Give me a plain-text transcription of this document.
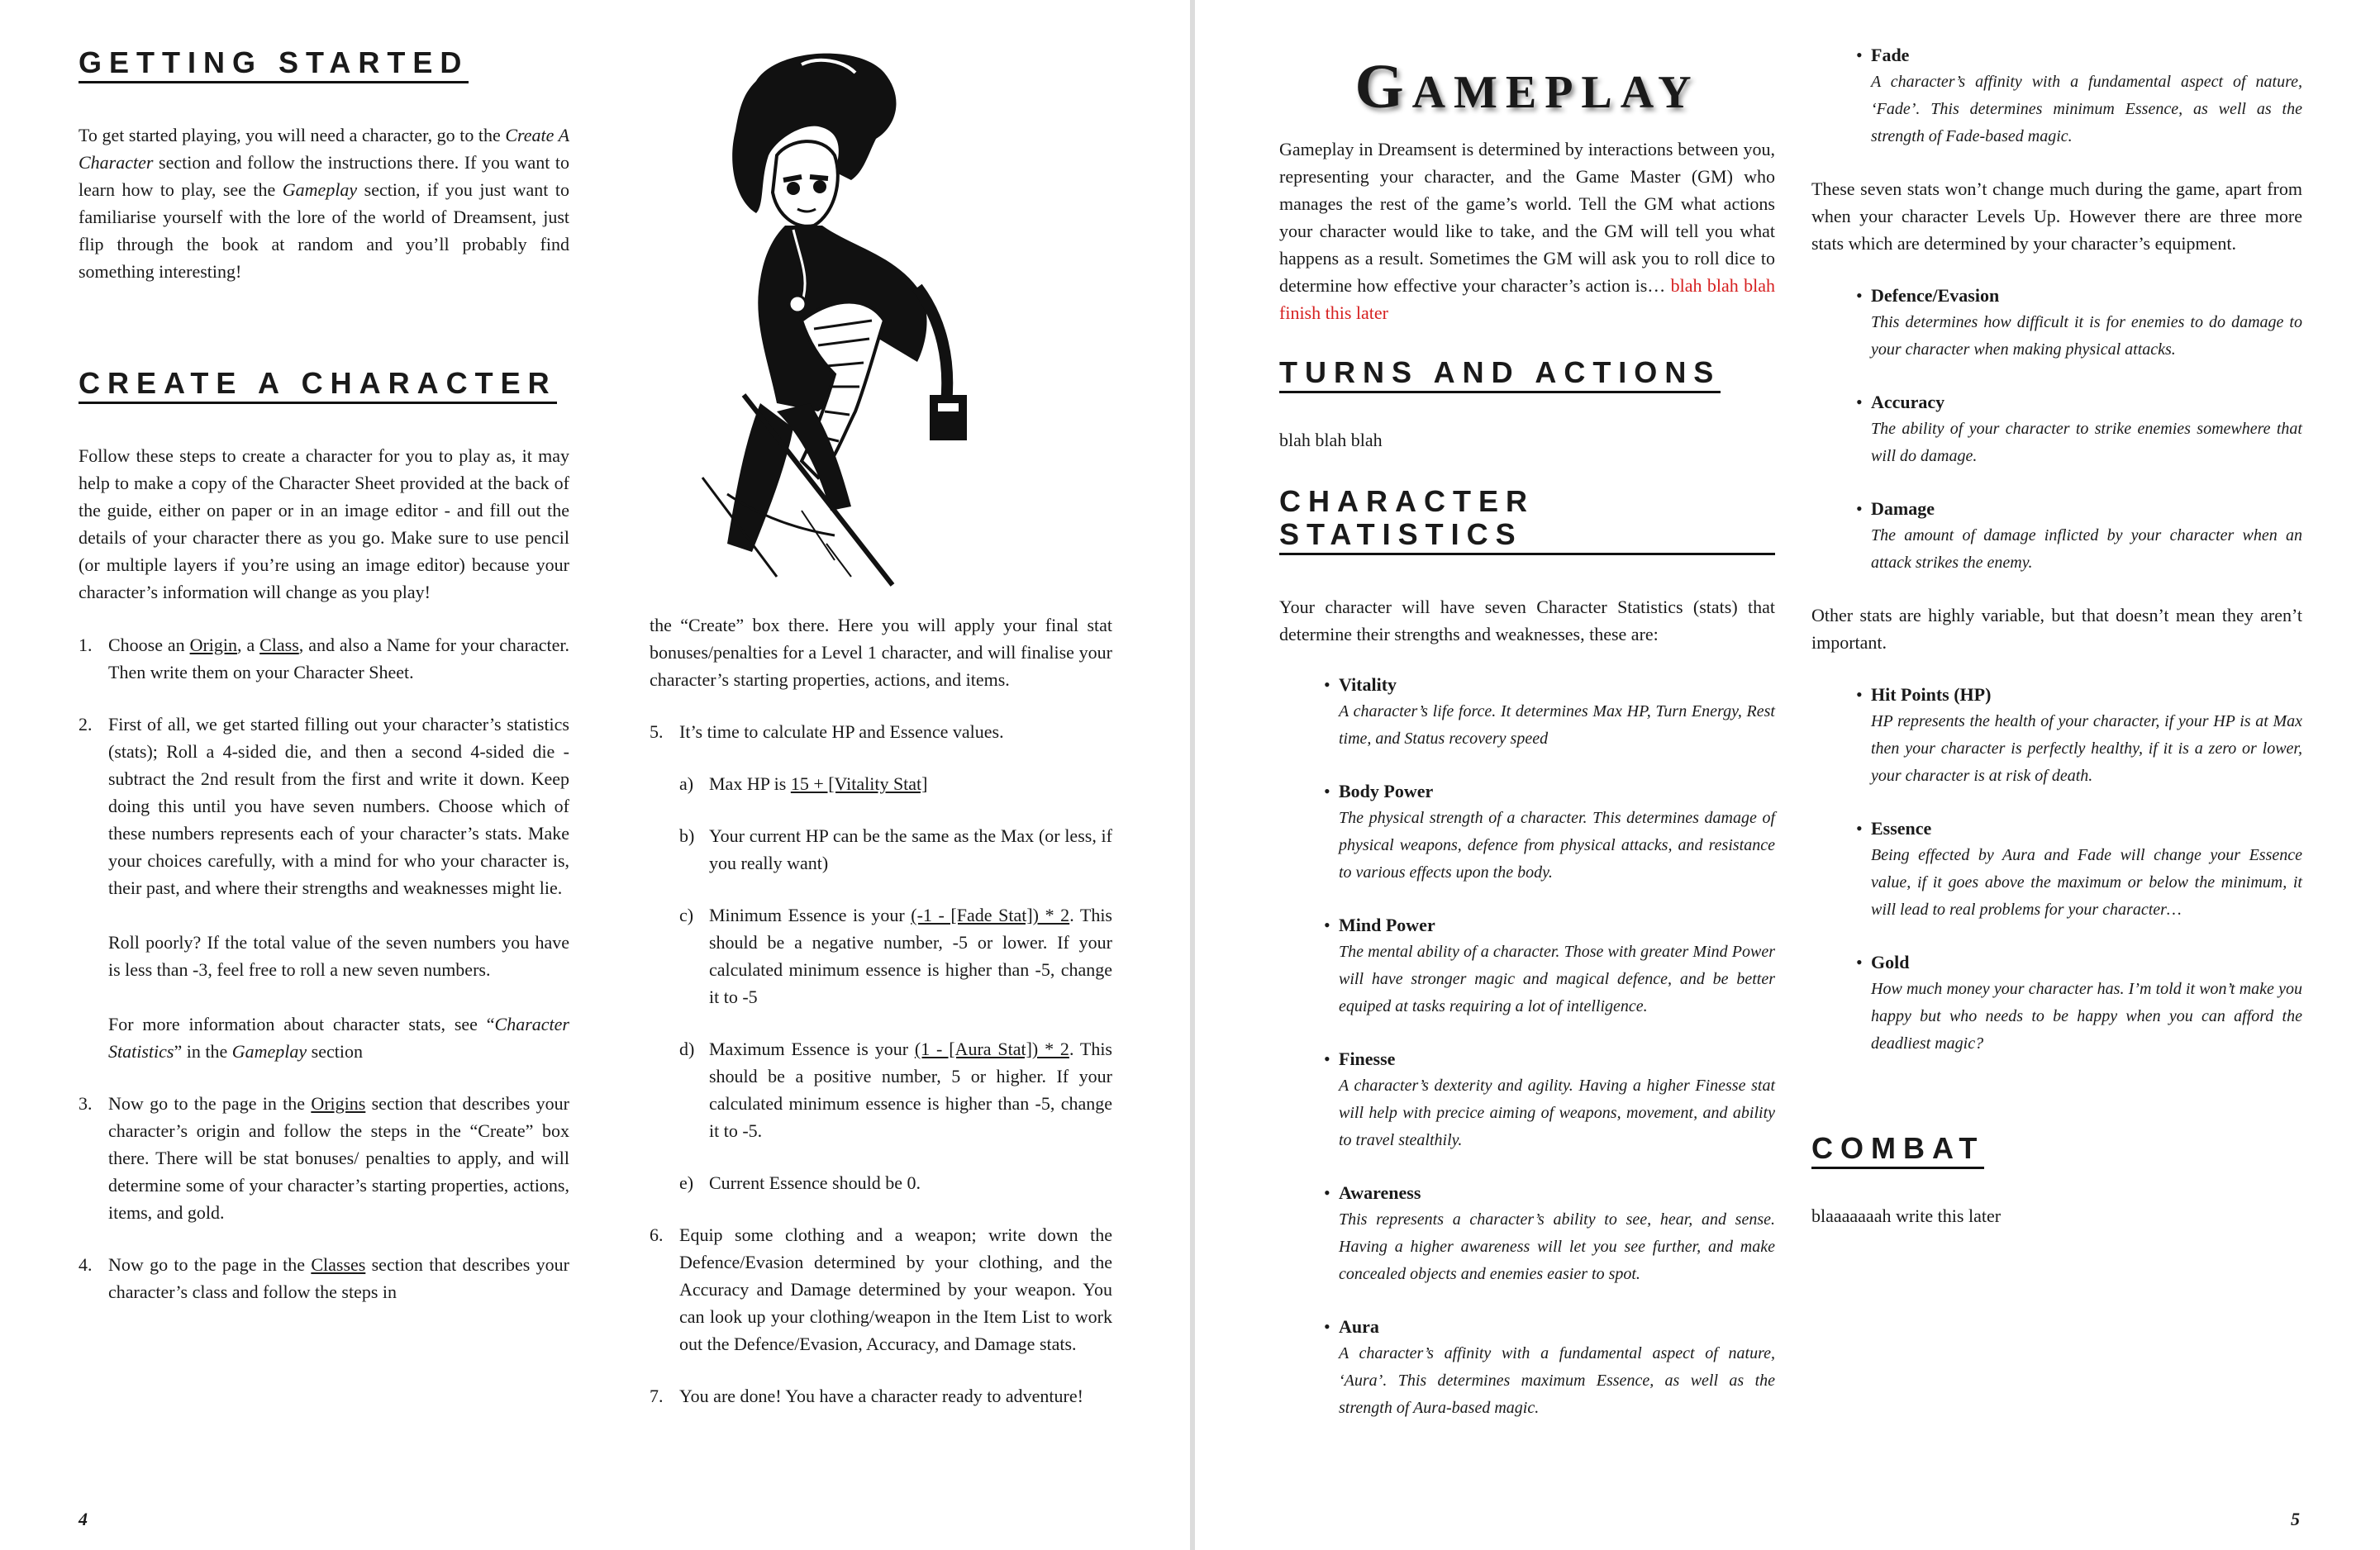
GETTING STARTED

To get started playing, you will need a character, go to the Create A Character section and follow the instructions there. If you want to learn how to play, see the Gameplay section, if you just want to familiarise yourself with the lore of the world of Dreamsent, just flip through the book at random and you’ll probably find something interesting!

CREATE A CHARACTER

Follow these steps to create a character for you to play as, it may help to make a copy of the Character Sheet provided at the back of the guide, either on paper or in an image editor - and fill out the details of your character there as you go. Make sure to use pencil (or multiple layers if you’re using an image editor) because your character’s information will change as you play!

1. Choose an Origin, a Class, and also a Name for your character. Then write them on your Character Sheet.

2. First of all, we get started filling out your character’s statistics (stats); Roll a 4-sided die, and then a second 4-sided die - subtract the 2nd result from the first and write it down. Keep doing this until you have seven numbers. Choose which of these numbers represents each of your character’s stats. Make your choices carefully, with a mind for who your character is, their past, and where their strengths and weaknesses might lie.

Roll poorly? If the total value of the seven numbers you have is less than -3, feel free to roll a new seven numbers.

For more information about character stats, see “Character Statistics” in the Gameplay section

3. Now go to the page in the Origins section that describes your character’s origin and follow the steps in the “Create” box there. There will be stat bonuses/ penalties to apply, and will determine some of your character’s starting properties, actions, items, and gold.

4. Now go to the page in the Classes section that describes your character’s class and follow the steps in

the “Create” box there. Here you will apply your final stat bonuses/penalties for a Level 1 character, and will finalise your character’s starting properties, actions, and items.

5. It’s time to calculate HP and Essence values.
a) Max HP is 15 + [Vitality Stat]

b) Your current HP can be the same as the Max (or less, if you really want)

c) Minimum Essence is your (-1 - [Fade Stat]) * 2. This should be a negative number, -5 or lower. If your calculated minimum essence is higher than -5, change it to -5

d) Maximum Essence is your (1 - [Aura Stat]) * 2. This should be a positive number, 5 or higher. If your calculated minimum essence is higher than -5, change it to -5.

e) Current Essence should be 0.

6. Equip some clothing and a weapon; write down the Defence/Evasion determined by your clothing, and the Accuracy and Damage determined by your weapon. You can look up your clothing/weapon in the Item List to work out the Defence/Evasion, Accuracy, and Damage stats.
7. You are done! You have a character ready to adventure!
4
GAMEPLAY

Gameplay in Dreamsent is determined by interactions between you, representing your character, and the Game Master (GM) who manages the rest of the game’s world. Tell the GM what actions your character would like to take, and the GM will tell you what happens as a result. Sometimes the GM will ask you to roll dice to determine how effective your character’s action is… blah blah blah finish this later

TURNS AND ACTIONS

blah blah blah

CHARACTER STATISTICS

Your character will have seven Character Statistics (stats) that determine their strengths and weaknesses, these are:

• Vitality
A character’s life force. It determines Max HP, Turn Energy, Rest time, and Status recovery speed
• Body Power
The physical strength of a character. This determines damage of physical weapons, defence from physical attacks, and resistance to various effects upon the body.
• Mind Power
The mental ability of a character. Those with greater Mind Power will have stronger magic and magical defence, and be better equiped at tasks requiring a lot of intelligence.
• Finesse
A character’s dexterity and agility. Having a higher Finesse stat will help with precice aiming of weapons, movement, and ability to travel stealthily.
• Awareness
This represents a character’s ability to see, hear, and sense. Having a higher awareness will let you see further, and make concealed objects and enemies easier to spot.
• Aura
A character’s affinity with a fundamental aspect of nature, ‘Aura’. This determines maximum Essence, as well as the strength of Aura-based magic.
• Fade
A character’s affinity with a fundamental aspect of nature, ‘Fade’. This determines minimum Essence, as well as the strength of Fade-based magic.

These seven stats won’t change much during the game, apart from when your character Levels Up. However there are three more stats which are determined by your character’s equipment.

• Defence/Evasion
This determines how difficult it is for enemies to do damage to your character when making physical attacks.
• Accuracy
The ability of your character to strike enemies somewhere that will do damage.
• Damage
The amount of damage inflicted by your character when an attack strikes the enemy.

Other stats are highly variable, but that doesn’t mean they aren’t important.

• Hit Points (HP)
HP represents the health of your character, if your HP is at Max then your character is perfectly healthy, if it is a zero or lower, your character is at risk of death.
• Essence
Being effected by Aura and Fade will change your Essence value, if it goes above the maximum or below the minimum, it will lead to real problems for your character…
• Gold
How much money your character has. I’m told it won’t make you happy but who needs to be happy when you can afford the deadliest magic?
COMBAT

blaaaaaaah write this later

5
